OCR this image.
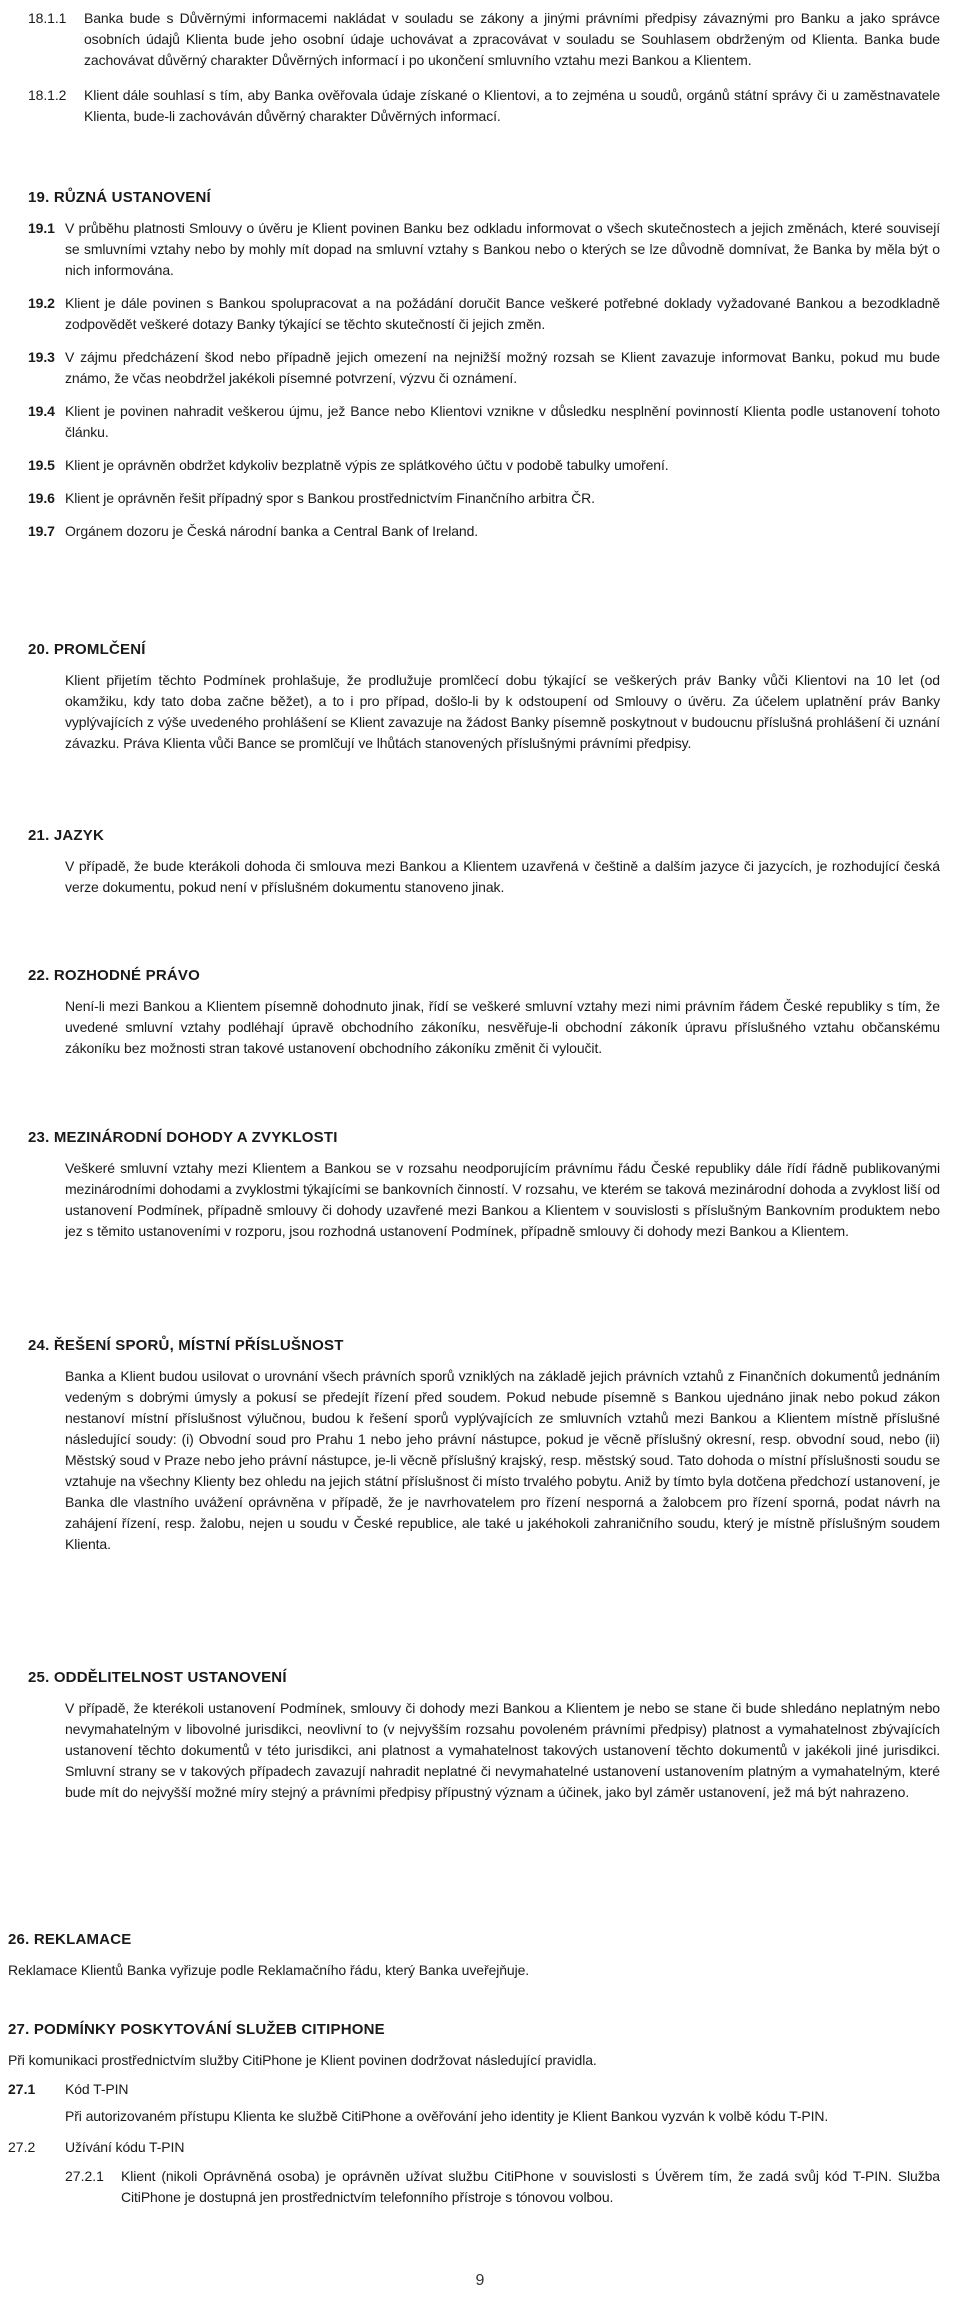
18.1.1	Banka bude s Důvěrnými informacemi nakládat v souladu se zákony a jinými právními předpisy závaznými pro Banku a jako správce osobních údajů Klienta bude jeho osobní údaje uchovávat a zpracovávat v souladu se Souhlasem obdrženým od Klienta. Banka bude zachovávat důvěrný charakter Důvěrných informací i po ukončení smluvního vztahu mezi Bankou a Klientem.
18.1.2	Klient dále souhlasí s tím, aby Banka ověřovala údaje získané o Klientovi, a to zejména u soudů, orgánů státní správy či u zaměstnavatele Klienta, bude-li zachováván důvěrný charakter Důvěrných informací.
19. RŮZNÁ USTANOVENÍ
19.1 V průběhu platnosti Smlouvy o úvěru je Klient povinen Banku bez odkladu informovat o všech skutečnostech a jejich změnách, které souvisejí se smluvními vztahy nebo by mohly mít dopad na smluvní vztahy s Bankou nebo o kterých se lze důvodně domnívat, že Banka by měla být o nich informována.
19.2 Klient je dále povinen s Bankou spolupracovat a na požádání doručit Bance veškeré potřebné doklady vyžadované Bankou a bezodkladně zodpovědět veškeré dotazy Banky týkající se těchto skutečností či jejich změn.
19.3 V zájmu předcházení škod nebo případně jejich omezení na nejnižší možný rozsah se Klient zavazuje informovat Banku, pokud mu bude známo, že včas neobdržel jakékoli písemné potvrzení, výzvu či oznámení.
19.4 Klient je povinen nahradit veškerou újmu, jež Bance nebo Klientovi vznikne v důsledku nesplnění povinností Klienta podle ustanovení tohoto článku.
19.5 Klient je oprávněn obdržet kdykoliv bezplatně výpis ze splátkového účtu v podobě tabulky umoření.
19.6 Klient je oprávněn řešit případný spor s Bankou prostřednictvím Finančního arbitra ČR.
19.7 Orgánem dozoru je Česká národní banka a Central Bank of Ireland.
20. PROMLČENÍ

Klient přijetím těchto Podmínek prohlašuje, že prodlužuje promlčecí dobu týkající se veškerých práv Banky vůči Klientovi na 10 let (od okamžiku, kdy tato doba začne běžet), a to i pro případ, došlo-li by k odstoupení od Smlouvy o úvěru. Za účelem uplatnění práv Banky vyplývajících z výše uvedeného prohlášení se Klient zavazuje na žádost Banky písemně poskytnout v budoucnu příslušná prohlášení či uznání závazku. Práva Klienta vůči Bance se promlčují ve lhůtách stanovených příslušnými právními předpisy.

21. JAZYK

V případě, že bude kterákoli dohoda či smlouva mezi Bankou a Klientem uzavřená v češtině a dalším jazyce či jazycích, je rozhodující česká verze dokumentu, pokud není v příslušném dokumentu stanoveno jinak.

22. ROZHODNÉ PRÁVO

Není-li mezi Bankou a Klientem písemně dohodnuto jinak, řídí se veškeré smluvní vztahy mezi nimi právním řádem České republiky s tím, že uvedené smluvní vztahy podléhají úpravě obchodního zákoníku, nesvěřuje-li obchodní zákoník úpravu příslušného vztahu občanskému zákoníku bez možnosti stran takové ustanovení obchodního zákoníku změnit či vyloučit.

23. MEZINÁRODNÍ DOHODY A ZVYKLOSTI

Veškeré smluvní vztahy mezi Klientem a Bankou se v rozsahu neodporujícím právnímu řádu České republiky dále řídí řádně publikovanými mezinárodními dohodami a zvyklostmi týkajícími se bankovních činností. V rozsahu, ve kterém se taková mezinárodní dohoda a zvyklost liší od ustanovení Podmínek, případně smlouvy či dohody uzavřené mezi Bankou a Klientem v souvislosti s příslušným Bankovním produktem nebo jez s těmito ustanoveními v rozporu, jsou rozhodná ustanovení Podmínek, případně smlouvy či dohody mezi Bankou a Klientem.

24. ŘEŠENÍ SPORŮ, MÍSTNÍ PŘÍSLUŠNOST

Banka a Klient budou usilovat o urovnání všech právních sporů vzniklých na základě jejich právních vztahů z Finančních dokumentů jednáním vedeným s dobrými úmysly a pokusí se předejít řízení před soudem. Pokud nebude písemně s Bankou ujednáno jinak nebo pokud zákon nestanoví místní příslušnost výlučnou, budou k řešení sporů vyplývajících ze smluvních vztahů mezi Bankou a Klientem místně příslušné následující soudy: (i) Obvodní soud pro Prahu 1 nebo jeho právní nástupce, pokud je věcně příslušný okresní, resp. obvodní soud, nebo (ii) Městský soud v Praze nebo jeho právní nástupce, je-li věcně příslušný krajský, resp. městský soud. Tato dohoda o místní příslušnosti soudu se vztahuje na všechny Klienty bez ohledu na jejich státní příslušnost či místo trvalého pobytu. Aniž by tímto byla dotčena předchozí ustanovení, je Banka dle vlastního uvážení oprávněna v případě, že je navrhovatelem pro řízení nesporná a žalobcem pro řízení sporná, podat návrh na zahájení řízení, resp. žalobu, nejen u soudu v České republice, ale také u jakéhokoli zahraničního soudu, který je místně příslušným soudem Klienta.

25. ODDĚLITELNOST USTANOVENÍ

V případě, že kterékoli ustanovení Podmínek, smlouvy či dohody mezi Bankou a Klientem je nebo se stane či bude shledáno neplatným nebo nevymahatelným v libovolné jurisdikci, neovlivní to (v nejvyšším rozsahu povoleném právními předpisy) platnost a vymahatelnost zbývajících ustanovení těchto dokumentů v této jurisdikci, ani platnost a vymahatelnost takových ustanovení těchto dokumentů v jakékoli jiné jurisdikci. Smluvní strany se v takových případech zavazují nahradit neplatné či nevymahatelné ustanovení ustanovením platným a vymahatelným, které bude mít do nejvyšší možné míry stejný a právními předpisy přípustný význam a účinek, jako byl záměr ustanovení, jež má být nahrazeno.

26. REKLAMACE

Reklamace Klientů Banka vyřizuje podle Reklamačního řádu, který Banka uveřejňuje.

27. PODMÍNKY POSKYTOVÁNÍ SLUŽEB CITIPHONE

Při komunikaci prostřednictvím služby CitiPhone je Klient povinen dodržovat následující pravidla.

27.1	Kód T-PIN

Při autorizovaném přístupu Klienta ke službě CitiPhone a ověřování jeho identity je Klient Bankou vyzván k volbě kódu T-PIN.

27.2	Užívání kódu T-PIN
27.2.1	Klient (nikoli Oprávněná osoba) je oprávněn užívat službu CitiPhone v souvislosti s Úvěrem tím, že zadá svůj kód T-PIN. Služba CitiPhone je dostupná jen prostřednictvím telefonního přístroje s tónovou volbou.
9
